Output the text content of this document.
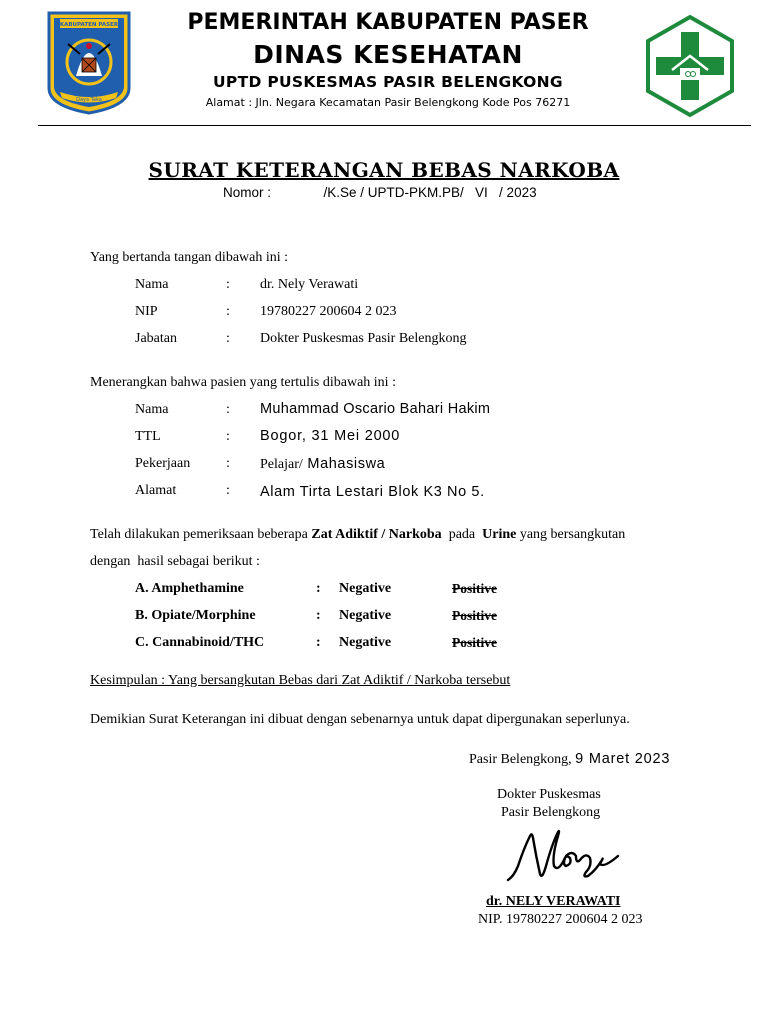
KABUPATEN PASER
Daya Taka
PEMERINTAH KABUPATEN PASER
DINAS KESEHATAN
UPTD PUSKESMAS PASIR BELENGKONG
Alamat : Jln. Negara Kecamatan Pasir Belengkong Kode Pos 76271
SURAT KETERANGAN BEBAS NARKOBA
Nomor :              /K.Se / UPTD-PKM.PB/   VI   / 2023
Yang bertanda tangan dibawah ini :
Nama	: dr. Nely Verawati
NIP	: 19780227 200604 2 023
Jabatan	: Dokter Puskesmas Pasir Belengkong
Menerangkan bahwa pasien yang tertulis dibawah ini :
Nama	: Muhammad Oscario Bahari Hakim
TTL	: Bogor, 31 Mei 2000
Pekerjaan	: Pelajar/ Mahasiswa
Alamat	: Alam Tirta Lestari Blok K3 No 5.
Telah dilakukan pemeriksaan beberapa Zat Adiktif / Narkoba  pada  Urine yang bersangkutan
dengan  hasil sebagai berikut :
A. Amphethamine	: Negative	Positive
B. Opiate/Morphine	: Negative	Positive
C. Cannabinoid/THC	: Negative	Positive
Kesimpulan : Yang bersangkutan Bebas dari Zat Adiktif / Narkoba tersebut
Demikian Surat Keterangan ini dibuat dengan sebenarnya untuk dapat dipergunakan seperlunya.
Pasir Belengkong, 9 Maret 2023
Dokter Puskesmas
Pasir Belengkong
dr. NELY VERAWATI
NIP. 19780227 200604 2 023
